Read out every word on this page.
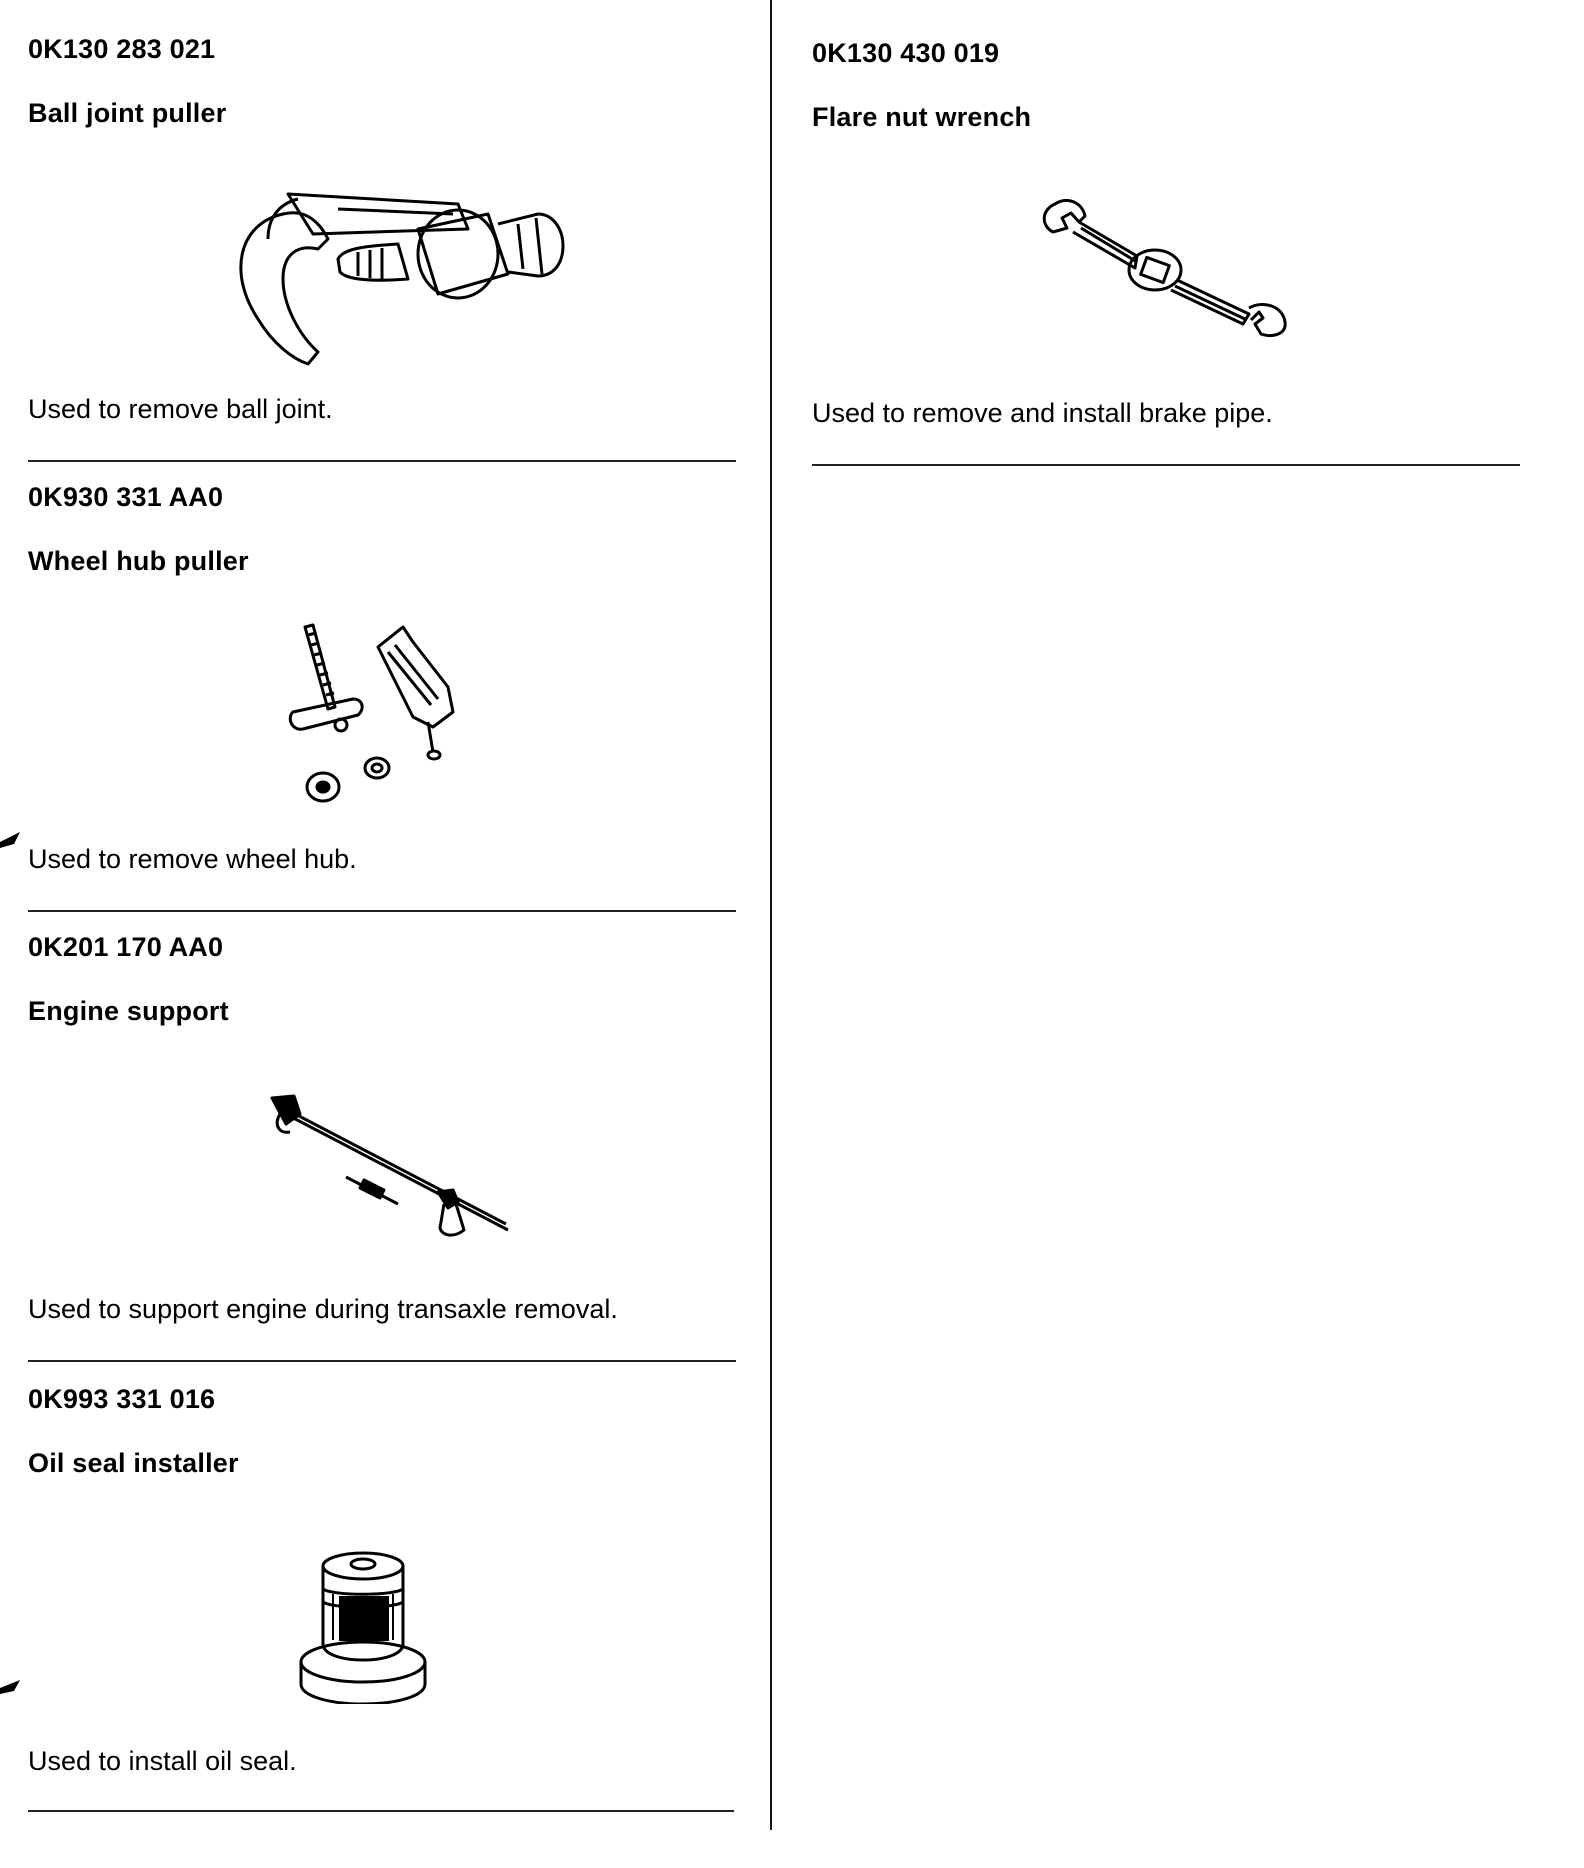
0K130 283 021
Ball joint puller
Used to remove ball joint.
0K930 331 AA0
Wheel hub puller
Used to remove wheel hub.
0K201 170 AA0
Engine support
Used to support engine during transaxle removal.
0K993 331 016
Oil seal installer
Used to install oil seal.
0K130 430 019
Flare nut wrench
Used to remove and install brake pipe.
